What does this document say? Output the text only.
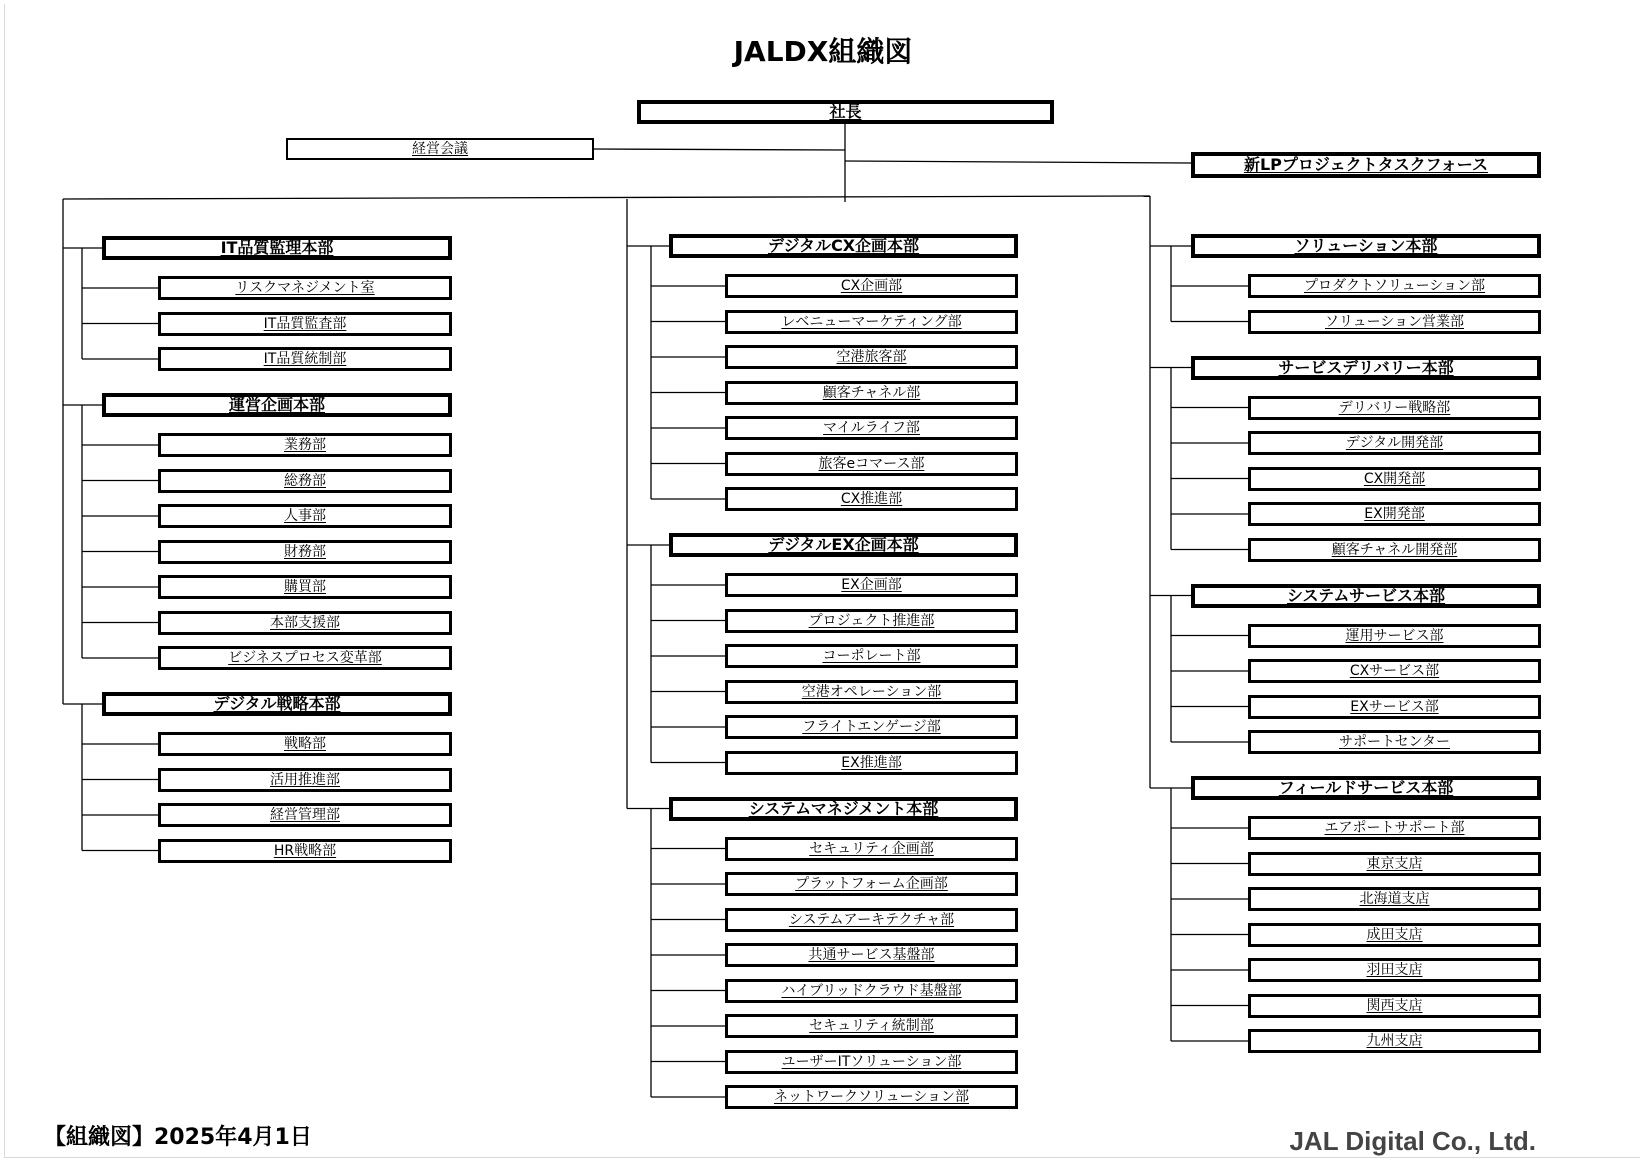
JALDX組織図
社長
経営会議
新LPプロジェクトタスクフォース
IT品質監理本部
リスクマネジメント室
IT品質監査部
IT品質統制部
運営企画本部
業務部
総務部
人事部
財務部
購買部
本部支援部
ビジネスプロセス変革部
デジタル戦略本部
戦略部
活用推進部
経営管理部
HR戦略部
デジタルCX企画本部
CX企画部
レベニューマーケティング部
空港旅客部
顧客チャネル部
マイルライフ部
旅客eコマース部
CX推進部
デジタルEX企画本部
EX企画部
プロジェクト推進部
コーポレート部
空港オペレーション部
フライトエンゲージ部
EX推進部
システムマネジメント本部
セキュリティ企画部
プラットフォーム企画部
システムアーキテクチャ部
共通サービス基盤部
ハイブリッドクラウド基盤部
セキュリティ統制部
ユーザーITソリューション部
ネットワークソリューション部
ソリューション本部
プロダクトソリューション部
ソリューション営業部
サービスデリバリー本部
デリバリー戦略部
デジタル開発部
CX開発部
EX開発部
顧客チャネル開発部
システムサービス本部
運用サービス部
CXサービス部
EXサービス部
サポートセンター
フィールドサービス本部
エアポートサポート部
東京支店
北海道支店
成田支店
羽田支店
関西支店
九州支店
【組織図】2025年4月1日	JAL Digital Co., Ltd.
